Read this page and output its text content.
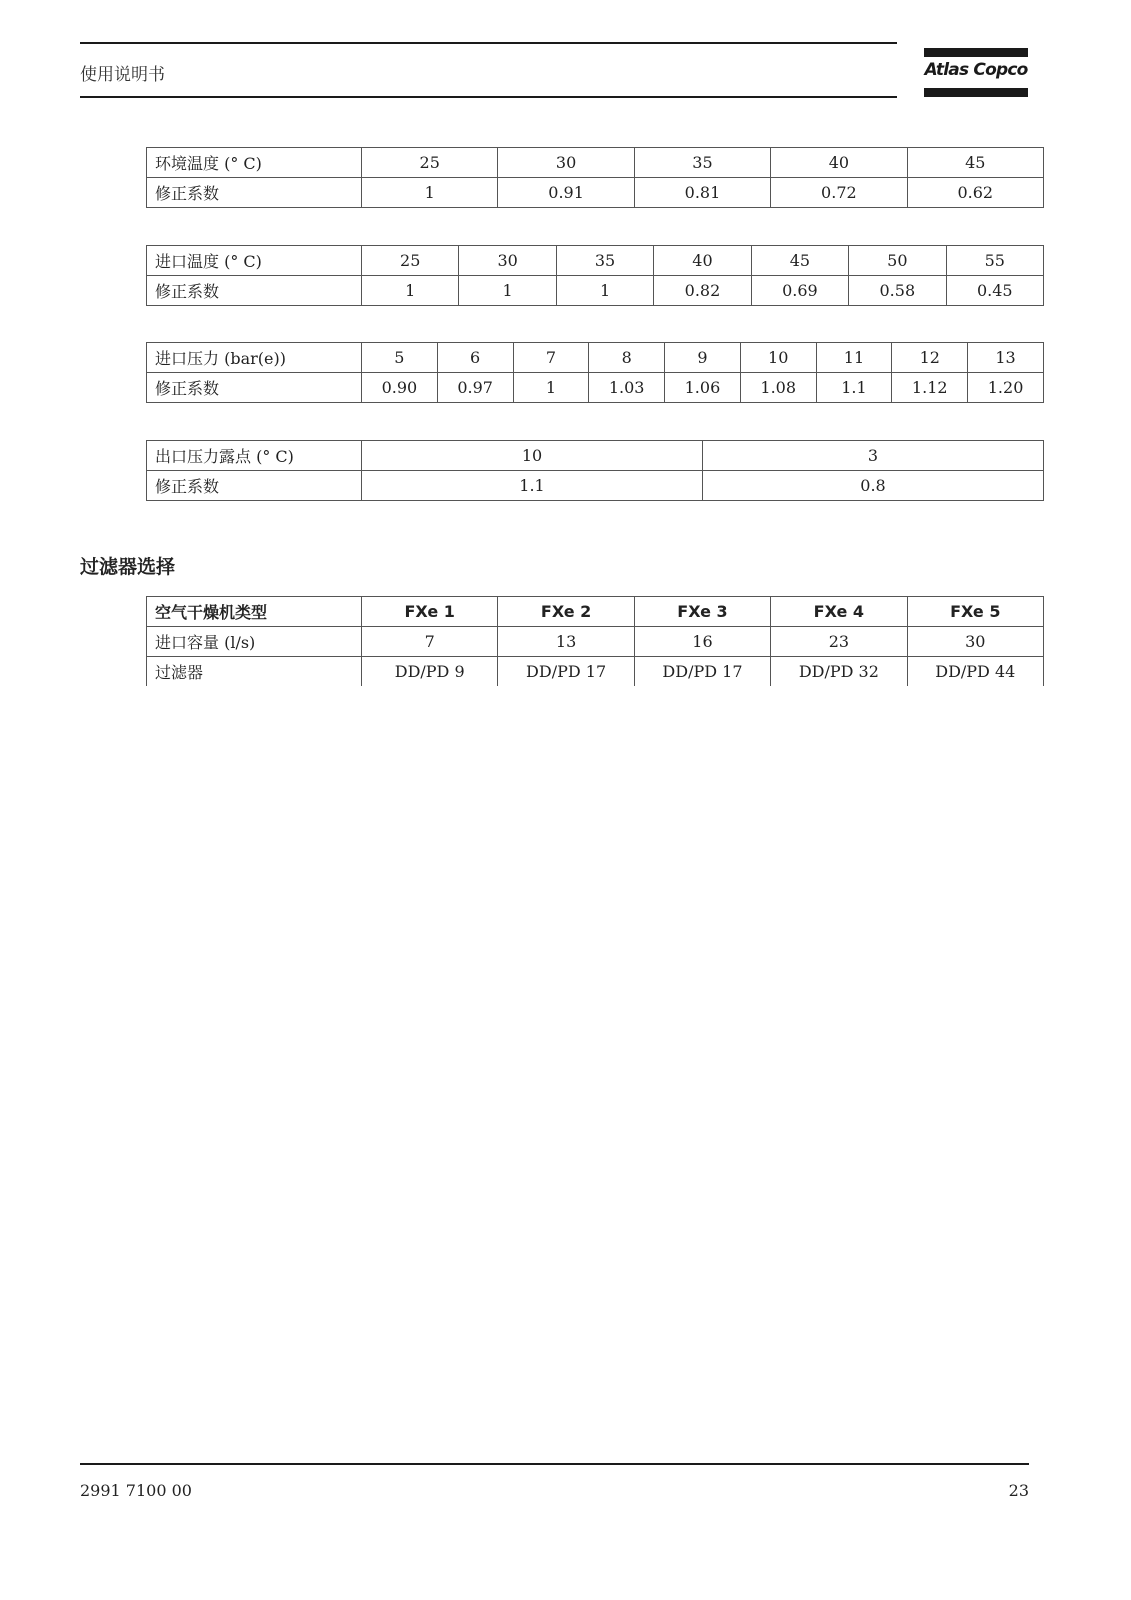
使用说明书	Atlas Copco
环境温度 (° C)	25	30	35	40	45
修正系数	1	0.91	0.81	0.72	0.62
进口温度 (° C)	25	30	35	40	45	50	55
修正系数	1	1	1	0.82	0.69	0.58	0.45
进口压力 (bar(e))	5	6	7	8	9	10	11	12	13
修正系数	0.90	0.97	1	1.03	1.06	1.08	1.1	1.12	1.20
出口压力露点 (° C)	10	3
修正系数	1.1	0.8
过滤器选择
空气干燥机类型	FXe 1	FXe 2	FXe 3	FXe 4	FXe 5
进口容量 (l/s)	7	13	16	23	30
过滤器	DD/PD 9	DD/PD 17	DD/PD 17	DD/PD 32	DD/PD 44
2991 7100 00	23
